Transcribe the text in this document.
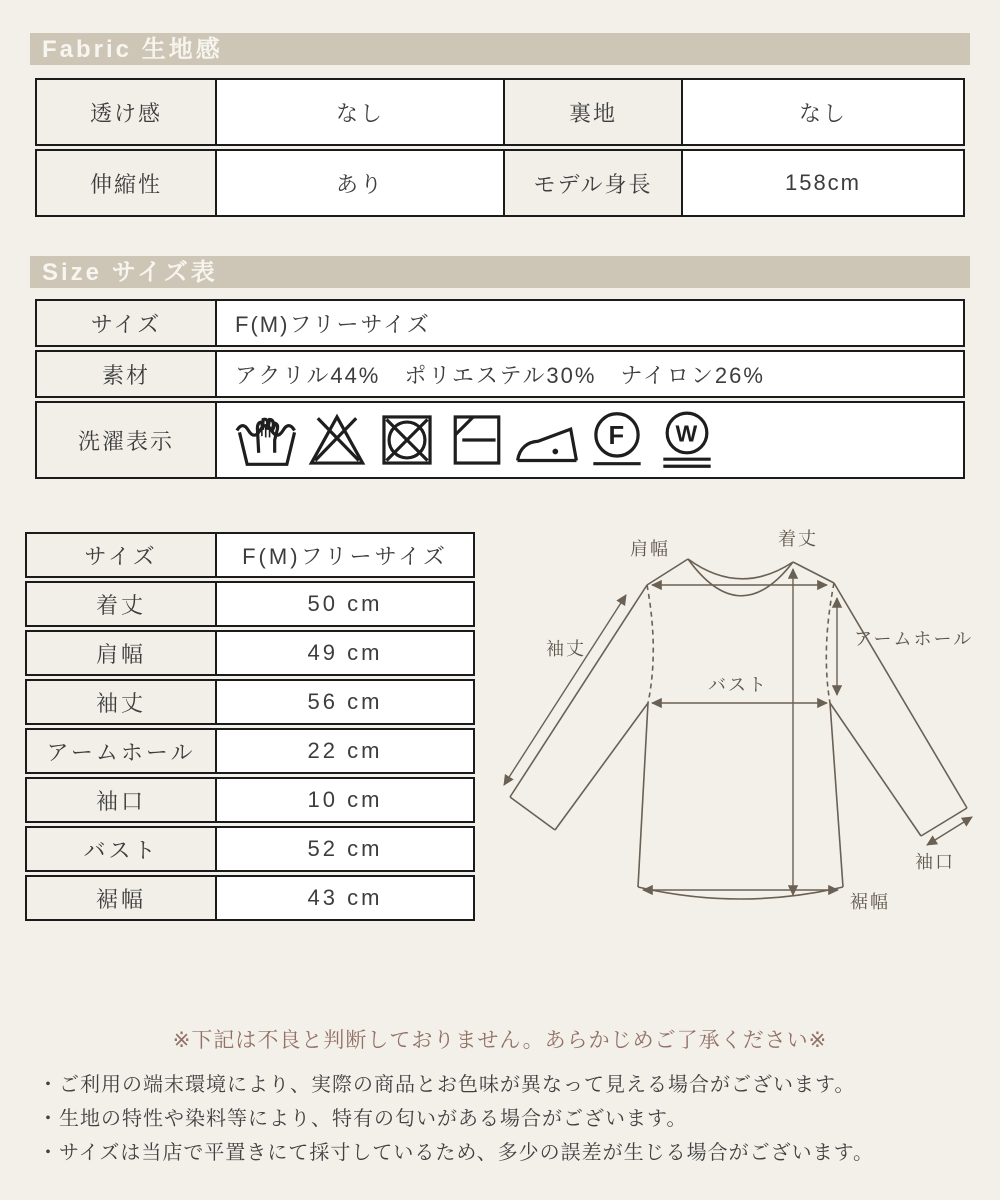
Fabric 生地感
透け感	なし	裏地	なし
伸縮性	あり	モデル身長	158cm
Size サイズ表
サイズ	F(M)フリーサイズ
素材	アクリル44%　ポリエステル30%　ナイロン26%
洗濯表示	F W
サイズ	F(M)フリーサイズ
着丈	50 cm
肩幅	49 cm
袖丈	56 cm
アームホール	22 cm
袖口	10 cm
バスト	52 cm
裾幅	43 cm
着丈
肩幅
袖丈	アームホール
バスト
袖口
裾幅
※下記は不良と判断しておりません。あらかじめご了承ください※
・ご利用の端末環境により、実際の商品とお色味が異なって見える場合がございます。
・生地の特性や染料等により、特有の匂いがある場合がございます。
・サイズは当店で平置きにて採寸しているため、多少の誤差が生じる場合がございます。
